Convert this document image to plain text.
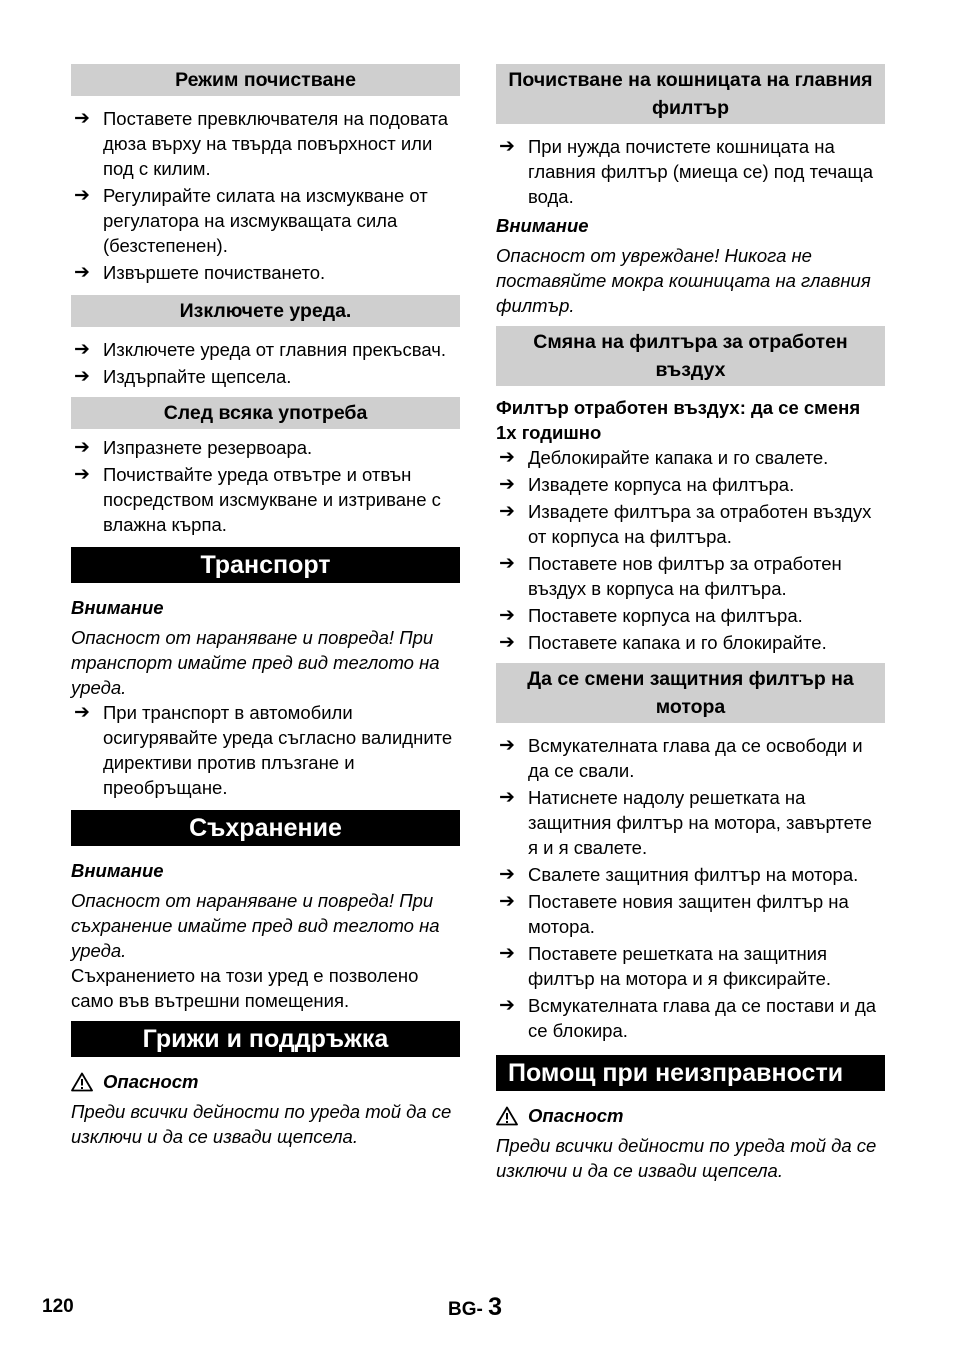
Режим почистване
➔ Поставете превключвателя на подовата дюза върху на твърда повърхност или под с килим.
➔ Регулирайте силата на изсмукване от регулатора на изсмукващата сила (безстепенен).
➔ Извършете почистването.
Изключете уреда.
➔ Изключете уреда от главния прекъсвач.
➔ Издърпайте щепсела.
След всяка употреба
➔ Изпразнете резервоара.
➔ Почиствайте уреда отвътре и отвън посредством изсмукване и изтриване с влажна кърпа.
Транспорт
Внимание
Опасност от нараняване и повреда! При транспорт имайте пред вид теглото на уреда.
➔ При транспорт в автомобили осигурявайте уреда съгласно валидните директиви против плъзгане и преобръщане.
Съхранение
Внимание
Опасност от нараняване и повреда! При съхранение имайте пред вид теглото на уреда.
Съхранението на този уред е позволено само във вътрешни помещения.
Грижи и поддръжка
Опасност
Преди всички дейности по уреда той да се изключи и да се извади щепсела.
Почистване на кошницата на главния филтър
➔ При нужда почистете кошницата на главния филтър (миеща се) под течаща вода.
Внимание
Опасност от увреждане! Никога не поставяйте мокра кошницата на главния филтър.
Смяна на филтъра за отработен въздух
Филтър отработен въздух: да се сменя 1x годишно
➔ Деблокирайте капака и го свалете.
➔ Извадете корпуса на филтъра.
➔ Извадете филтъра за отработен въздух от корпуса на филтъра.
➔ Поставете нов филтър за отработен въздух в корпуса на филтъра.
➔ Поставете корпуса на филтъра.
➔ Поставете капака и го блокирайте.
Да се смени защитния филтър на мотора
➔ Всмукателната глава да се освободи и да се свали.
➔ Натиснете надолу решетката на защитния филтър на мотора, завъртете я и я свалете.
➔ Свалете защитния филтър на мотора.
➔ Поставете новия защитен филтър на мотора.
➔ Поставете решетката на защитния филтър на мотора и я фиксирайте.
➔ Всмукателната глава да се постави и да се блокира.
Помощ при неизправности
Опасност
Преди всички дейности по уреда той да се изключи и да се извади щепсела.
120	BG- 3
